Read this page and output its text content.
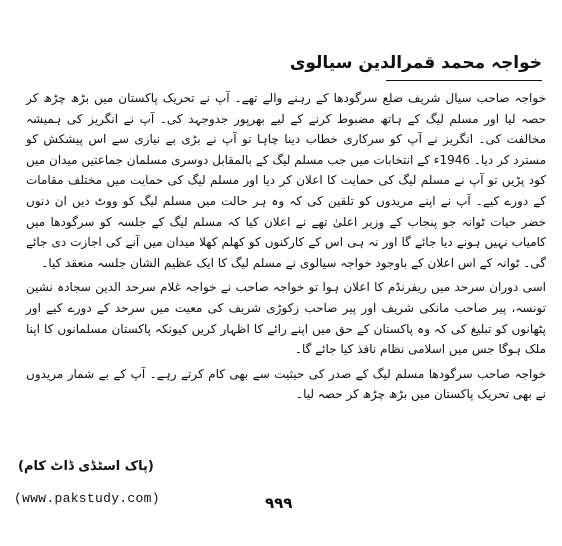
خواجہ محمد قمرالدین سیالوی

خواجہ صاحب سیال شریف ضلع سرگودھا کے رہنے والے تھے۔ آپ نے تحریک پاکستان میں بڑھ چڑھ کر حصہ لیا اور مسلم لیگ کے ہاتھ مضبوط کرنے کے لیے بھرپور جدوجہد کی۔ آپ نے انگریز کی ہمیشہ مخالفت کی۔ انگریز نے آپ کو سرکاری خطاب دینا چاہا تو آپ نے بڑی بے نیازی سے اس پیشکش کو مسترد کر دیا۔ 1946ء کے انتخابات میں جب مسلم لیگ کے بالمقابل دوسری مسلمان جماعتیں میدان میں کود پڑیں تو آپ نے مسلم لیگ کی حمایت کا اعلان کر دیا اور مسلم لیگ کی حمایت میں مختلف مقامات کے دورے کیے۔ آپ نے اپنے مریدوں کو تلقین کی کہ وہ ہر حالت میں مسلم لیگ کو ووٹ دیں ان دنوں خضر حیات ٹوانہ جو پنجاب کے وزیر اعلیٰ تھے نے اعلان کیا کہ مسلم لیگ کے جلسہ کو سرگودھا میں کامیاب نہیں ہونے دیا جائے گا اور نہ ہی اس کے کارکنوں کو کھلم کھلا میدان میں آنے کی اجازت دی جائے گی۔ ٹوانہ کے اس اعلان کے باوجود خواجہ سیالوی نے مسلم لیگ کا ایک عظیم الشان جلسہ منعقد کیا۔

اسی دوران سرحد میں ریفرنڈم کا اعلان ہوا تو خواجہ صاحب نے خواجہ غلام سرحد الدین سجادہ نشین تونسہ، پیر صاحب مانکی شریف اور پیر صاحب زکوڑی شریف کی معیت میں سرحد کے دورے کیے اور پٹھانوں کو تبلیغ کی کہ وہ پاکستان کے حق میں اپنے رائے کا اظہار کریں کیونکہ پاکستان مسلمانوں کا اپنا ملک ہوگا جس میں اسلامی نظام نافذ کیا جائے گا۔

خواجہ صاحب سرگودھا مسلم لیگ کے صدر کی حیثیت سے بھی کام کرتے رہے۔ آپ کے بے شمار مریدوں نے بھی تحریک پاکستان میں بڑھ چڑھ کر حصہ لیا۔

(پاک اسٹڈی ڈاٹ کام)
(www.pakstudy.com)	۹۹۹
